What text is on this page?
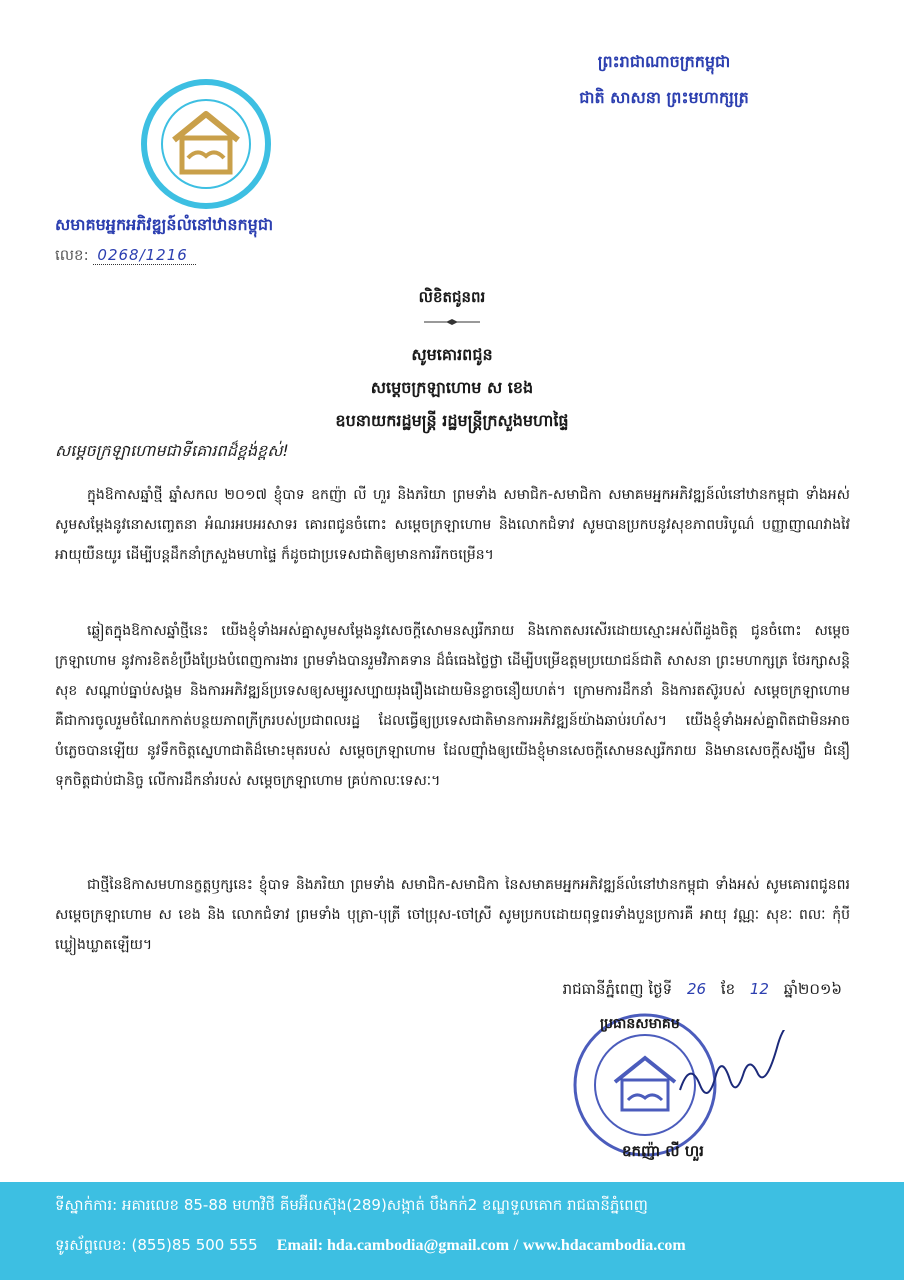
ព្រះរាជាណាចក្រកម្ពុជា
ជាតិ សាសនា ព្រះមហាក្សត្រ
សមាគមអ្នកអភិវឌ្ឍន៍លំនៅឋានកម្ពុជា
លេខ: 0268/1216
លិខិតជូនពរ
សូមគោរពជូន
សម្តេចក្រឡាហោម ស ខេង
ឧបនាយករដ្ឋមន្ត្រី រដ្ឋមន្ត្រីក្រសួងមហាផ្ទៃ
សម្តេចក្រឡាហោមជាទីគោរពដ៏ខ្ពង់ខ្ពស់!
ក្នុងឱកាសឆ្នាំថ្មី ឆ្នាំសកល ២០១៧ ខ្ញុំបាទ ឧកញ៉ា លី ហួរ និងភរិយា ព្រមទាំង សមាជិក-សមាជិកា សមាគមអ្នកអភិវឌ្ឍន៍លំនៅឋានកម្ពុជា ទាំងអស់ សូមសម្តែងនូវនោសញ្ចេតនា អំណរអបអរសាទរ គោរពជូនចំពោះ សម្តេចក្រឡាហោម និងលោកជំទាវ សូមបានប្រកបនូវសុខភាពបរិបូណ៌ បញ្ញាញាណវាងវៃ អាយុយឺនយូរ ដើម្បីបន្តដឹកនាំក្រសួងមហាផ្ទៃ ក៏ដូចជាប្រទេសជាតិឲ្យមានការរីកចម្រើន។
ឆ្លៀតក្នុងឱកាសឆ្នាំថ្មីនេះ យើងខ្ញុំទាំងអស់គ្នាសូមសម្តែងនូវសេចក្តីសោមនស្សរីករាយ និងកោតសរសើរដោយស្មោះអស់ពីដួងចិត្ត ជូនចំពោះ សម្តេចក្រឡាហោម នូវការខិតខំប្រឹងប្រែងបំពេញការងារ ព្រមទាំងបានរួមវិភាគទាន ដ៏ធំធេងថ្លៃថ្លា ដើម្បីបម្រើឧត្តមប្រយោជន៍ជាតិ សាសនា ព្រះមហាក្សត្រ ថែរក្សាសន្តិសុខ សណ្តាប់ធ្នាប់សង្គម និងការអភិវឌ្ឍន៍ប្រទេសឲ្យសម្បូរសប្បាយរុងរឿងដោយមិនខ្លាចនឿយហត់។ ក្រោមការដឹកនាំ និងការតស៊ូរបស់ សម្តេចក្រឡាហោម គឺជាការចូលរួមចំណែកកាត់បន្ថយភាពក្រីក្ររបស់ប្រជាពលរដ្ឋ ដែលធ្វើឲ្យប្រទេសជាតិមានការអភិវឌ្ឍន៍យ៉ាងឆាប់រហ័ស។ យើងខ្ញុំទាំងអស់គ្នាពិតជាមិនអាចបំភ្លេចបានឡើយ នូវទឹកចិត្តស្នេហាជាតិដ៏មោះមុតរបស់ សម្តេចក្រឡាហោម ដែលញ៉ាំងឲ្យយើងខ្ញុំមានសេចក្តីសោមនស្សរីករាយ និងមានសេចក្តីសង្ឃឹម ជំនឿទុកចិត្តជាប់ជានិច្ច លើការដឹកនាំរបស់ សម្តេចក្រឡាហោម គ្រប់កាលៈទេសៈ។
ជាថ្មីនៃឱកាសមហានក្ខត្តឫក្សនេះ ខ្ញុំបាទ និងភរិយា ព្រមទាំង សមាជិក-សមាជិកា នៃសមាគមអ្នកអភិវឌ្ឍន៍លំនៅឋានកម្ពុជា ទាំងអស់ សូមគោរពជូនពរ សម្តេចក្រឡាហោម ស ខេង និង លោកជំទាវ ព្រមទាំង បុត្រា-បុត្រី ចៅប្រុស-ចៅស្រី សូមប្រកបដោយពុទ្ធពរទាំងបួនប្រការគឺ អាយុ វណ្ណៈ សុខៈ ពលៈ កុំបីឃ្លៀងឃ្លាតឡើយ។
រាជធានីភ្នំពេញ ថ្ងៃទី 26 ខែ 12 ឆ្នាំ២០១៦
ប្រធានសមាគម
ឧកញ៉ា លី ហួរ
ទីស្នាក់ការ: អគារលេខ 85-88 មហាវិថី គីមអ៊ីលស៊ុង(289)សង្កាត់ បឹងកក់2 ខណ្ឌទួលគោក រាជធានីភ្នំពេញ
ទូរស័ព្ទលេខ: (855)85 500 555 Email: hda.cambodia@gmail.com / www.hdacambodia.com
